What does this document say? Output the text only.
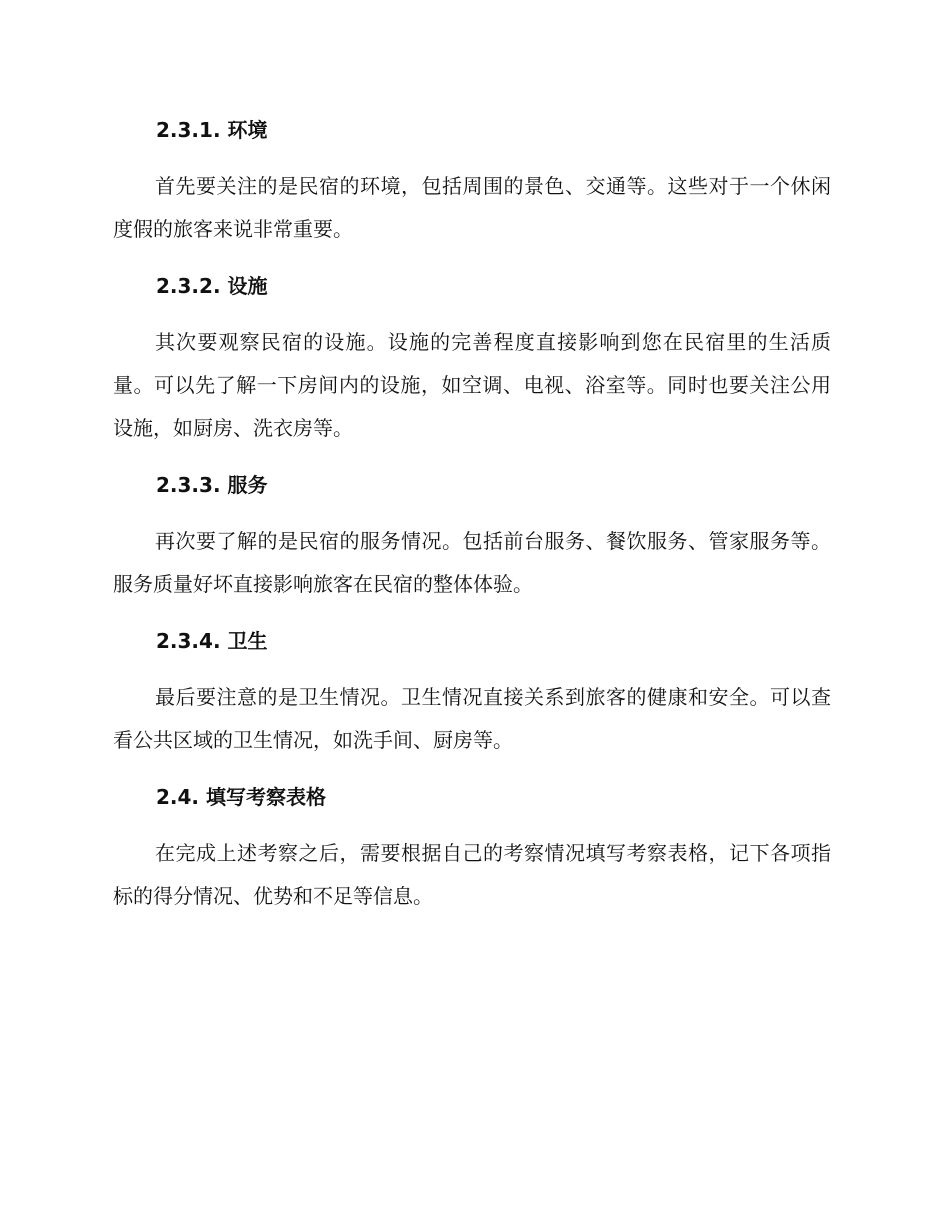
2.3.1. 环境

首先要关注的是民宿的环境，包括周围的景色、交通等。这些对于一个休闲度假的旅客来说非常重要。

2.3.2. 设施

其次要观察民宿的设施。设施的完善程度直接影响到您在民宿里的生活质量。可以先了解一下房间内的设施，如空调、电视、浴室等。同时也要关注公用设施，如厨房、洗衣房等。

2.3.3. 服务

再次要了解的是民宿的服务情况。包括前台服务、餐饮服务、管家服务等。服务质量好坏直接影响旅客在民宿的整体体验。

2.3.4. 卫生

最后要注意的是卫生情况。卫生情况直接关系到旅客的健康和安全。可以查看公共区域的卫生情况，如洗手间、厨房等。

2.4. 填写考察表格

在完成上述考察之后，需要根据自己的考察情况填写考察表格，记下各项指标的得分情况、优势和不足等信息。
